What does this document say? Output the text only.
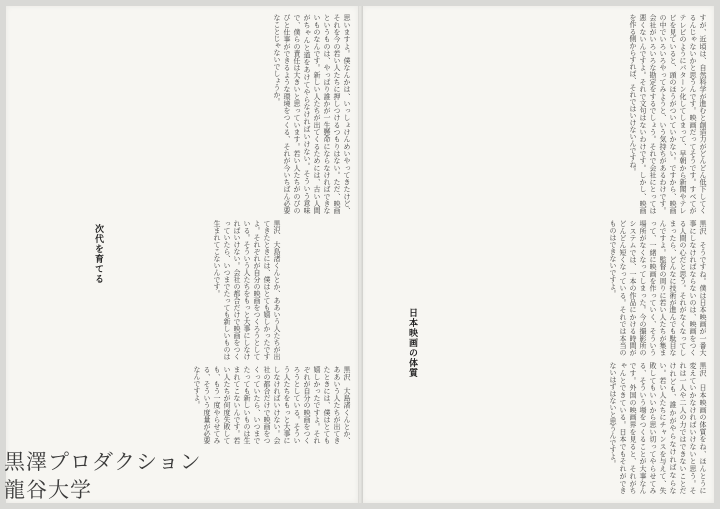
すが、近頃は、自然科学が進むと創造力がどんどん低下してくるんじゃないかと思うんです。映画だってそうです。すべてがテレビのようにパターン化してしまって、早朝から新聞やテレビを見ていると、頭のほうがついていかない。ですから、映画の中でいろいろやってみようと、いう気持ちがあるわけです。会社がいろいろな勘定をするでしょう。それで会社にとっては悪くないんですよ。それで文句はないわけです。しかし、映画を作る側からすれば、それではいけないんですね。
黒沢　そうですね。僕は日本映画が一番大事にしなければならないのは、映画をつくる人間の心だと思う。それがなくなってしまったら、どんなに技術が進んでも駄目なんですよ。監督の周りに若い人たちが集まって、一緒に映画を作っていく、そういう場所がなくなってしまった。今の撮影所のシステムでは、一本の作品にかける時間がどんどん短くなっている。それでは本当のものはできないですよ。
日本映画の体質
黒沢　日本映画の体質をね、ほんとうに変えていかなければいけないと思う。それは一人や二人の力ではできないことだけれども、誰かがやらなければならない。若い人たちにチャンスを与えて、失敗してもいいから思い切ってやらせてみる、そういう場をつくることが大事なんです。外国の映画界を見ると、それがちゃんとできている。日本でもそれができないはずはないと思うんですよ。
思いますよ。僕なんかは、いっしょけんめいやってきたけど、それを今の若い人たちに押しつけるつもりはない。ただ、映画というものは、やっぱり誰かが一生懸命にならなければできないものなんです。新しい人たちが出てくるためには、古い人間がちゃんと道をあけてやらなければいけない。そういう意味で、僕らの責任は大きいと思っています。若い人たちがのびのびと仕事ができるような環境をつくる、それが今いちばん必要なことじゃないでしょうか。
黒沢　大島渚くんとか、ああいう人たちが出てきたときには、僕はとても嬉しかったですよ。それぞれが自分の映画をつくろうとしている。そういう人たちをもっと大事にしなければいけない。会社の都合だけで映画をつくっていたら、いつまでたっても新しいものは生まれてこないんです。
次代を育てる
黒沢　大島渚くんとか、ああいう人たちが出てきたときには、僕はとても嬉しかったですよ。それぞれが自分の映画をつくろうとしている。そういう人たちをもっと大事にしなければいけない。会社の都合だけで映画をつくっていたら、いつまでたっても新しいものは生まれてこないんです。若い人たちが何度失敗しても、もう一度やらせてみる、そういう度量が必要なんですよ。
黒澤プロダクション
龍谷大学
